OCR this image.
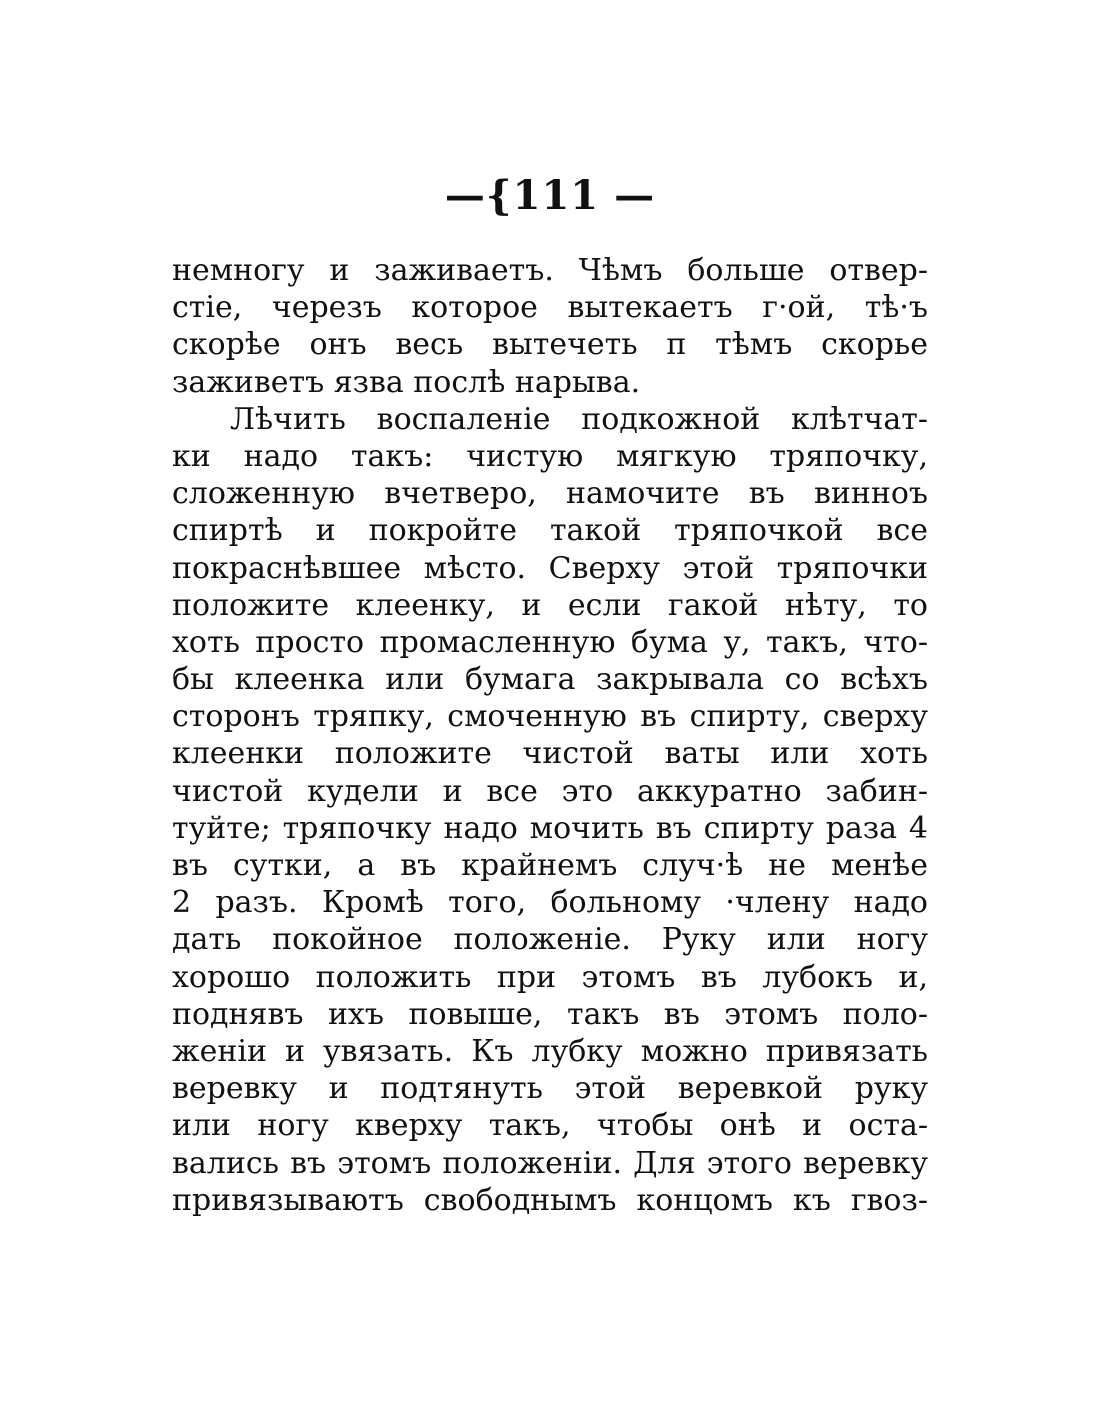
—{111 —
немногу и заживаетъ. Чѣмъ больше отвер-
стiе, черезъ которое вытекаетъ г·ой, тѣ·ъ
скорѣе онъ весь вытечеть п тѣмъ скорье
заживетъ язва послѣ нарыва.
Лѣчить воспаленiе подкожной клѣтчат-
ки надо такъ: чистую мягкую тряпочку,
сложенную вчетверо, намочите въ винноъ
спиртѣ и покройте такой тряпочкой все
покраснѣвшее мѣсто. Сверху этой тряпочки
положите клеенку, и если гакой нѣту, то
хоть просто промасленную бума у, такъ, что-
бы клеенка или бумага закрывала со всѣхъ
сторонъ тряпку, смоченную въ спирту, сверху
клеенки положите чистой ваты или хоть
чистой кудели и все это аккуратно забин-
туйте; тряпочку надо мочить въ спирту раза 4
въ сутки, а въ крайнемъ случ·ѣ не менѣе
2 разъ. Кромѣ того, больному ·члену надо
дать покойное положенiе. Руку или ногу
хорошо положить при этомъ въ лубокъ и,
поднявъ ихъ повыше, такъ въ этомъ поло-
женiи и увязать. Къ лубку можно привязать
веревку и подтянуть этой веревкой руку
или ногу кверху такъ, чтобы онѣ и оста-
вались въ этомъ положенiи. Для этого веревку
привязываютъ свободнымъ концомъ къ гвоз-
